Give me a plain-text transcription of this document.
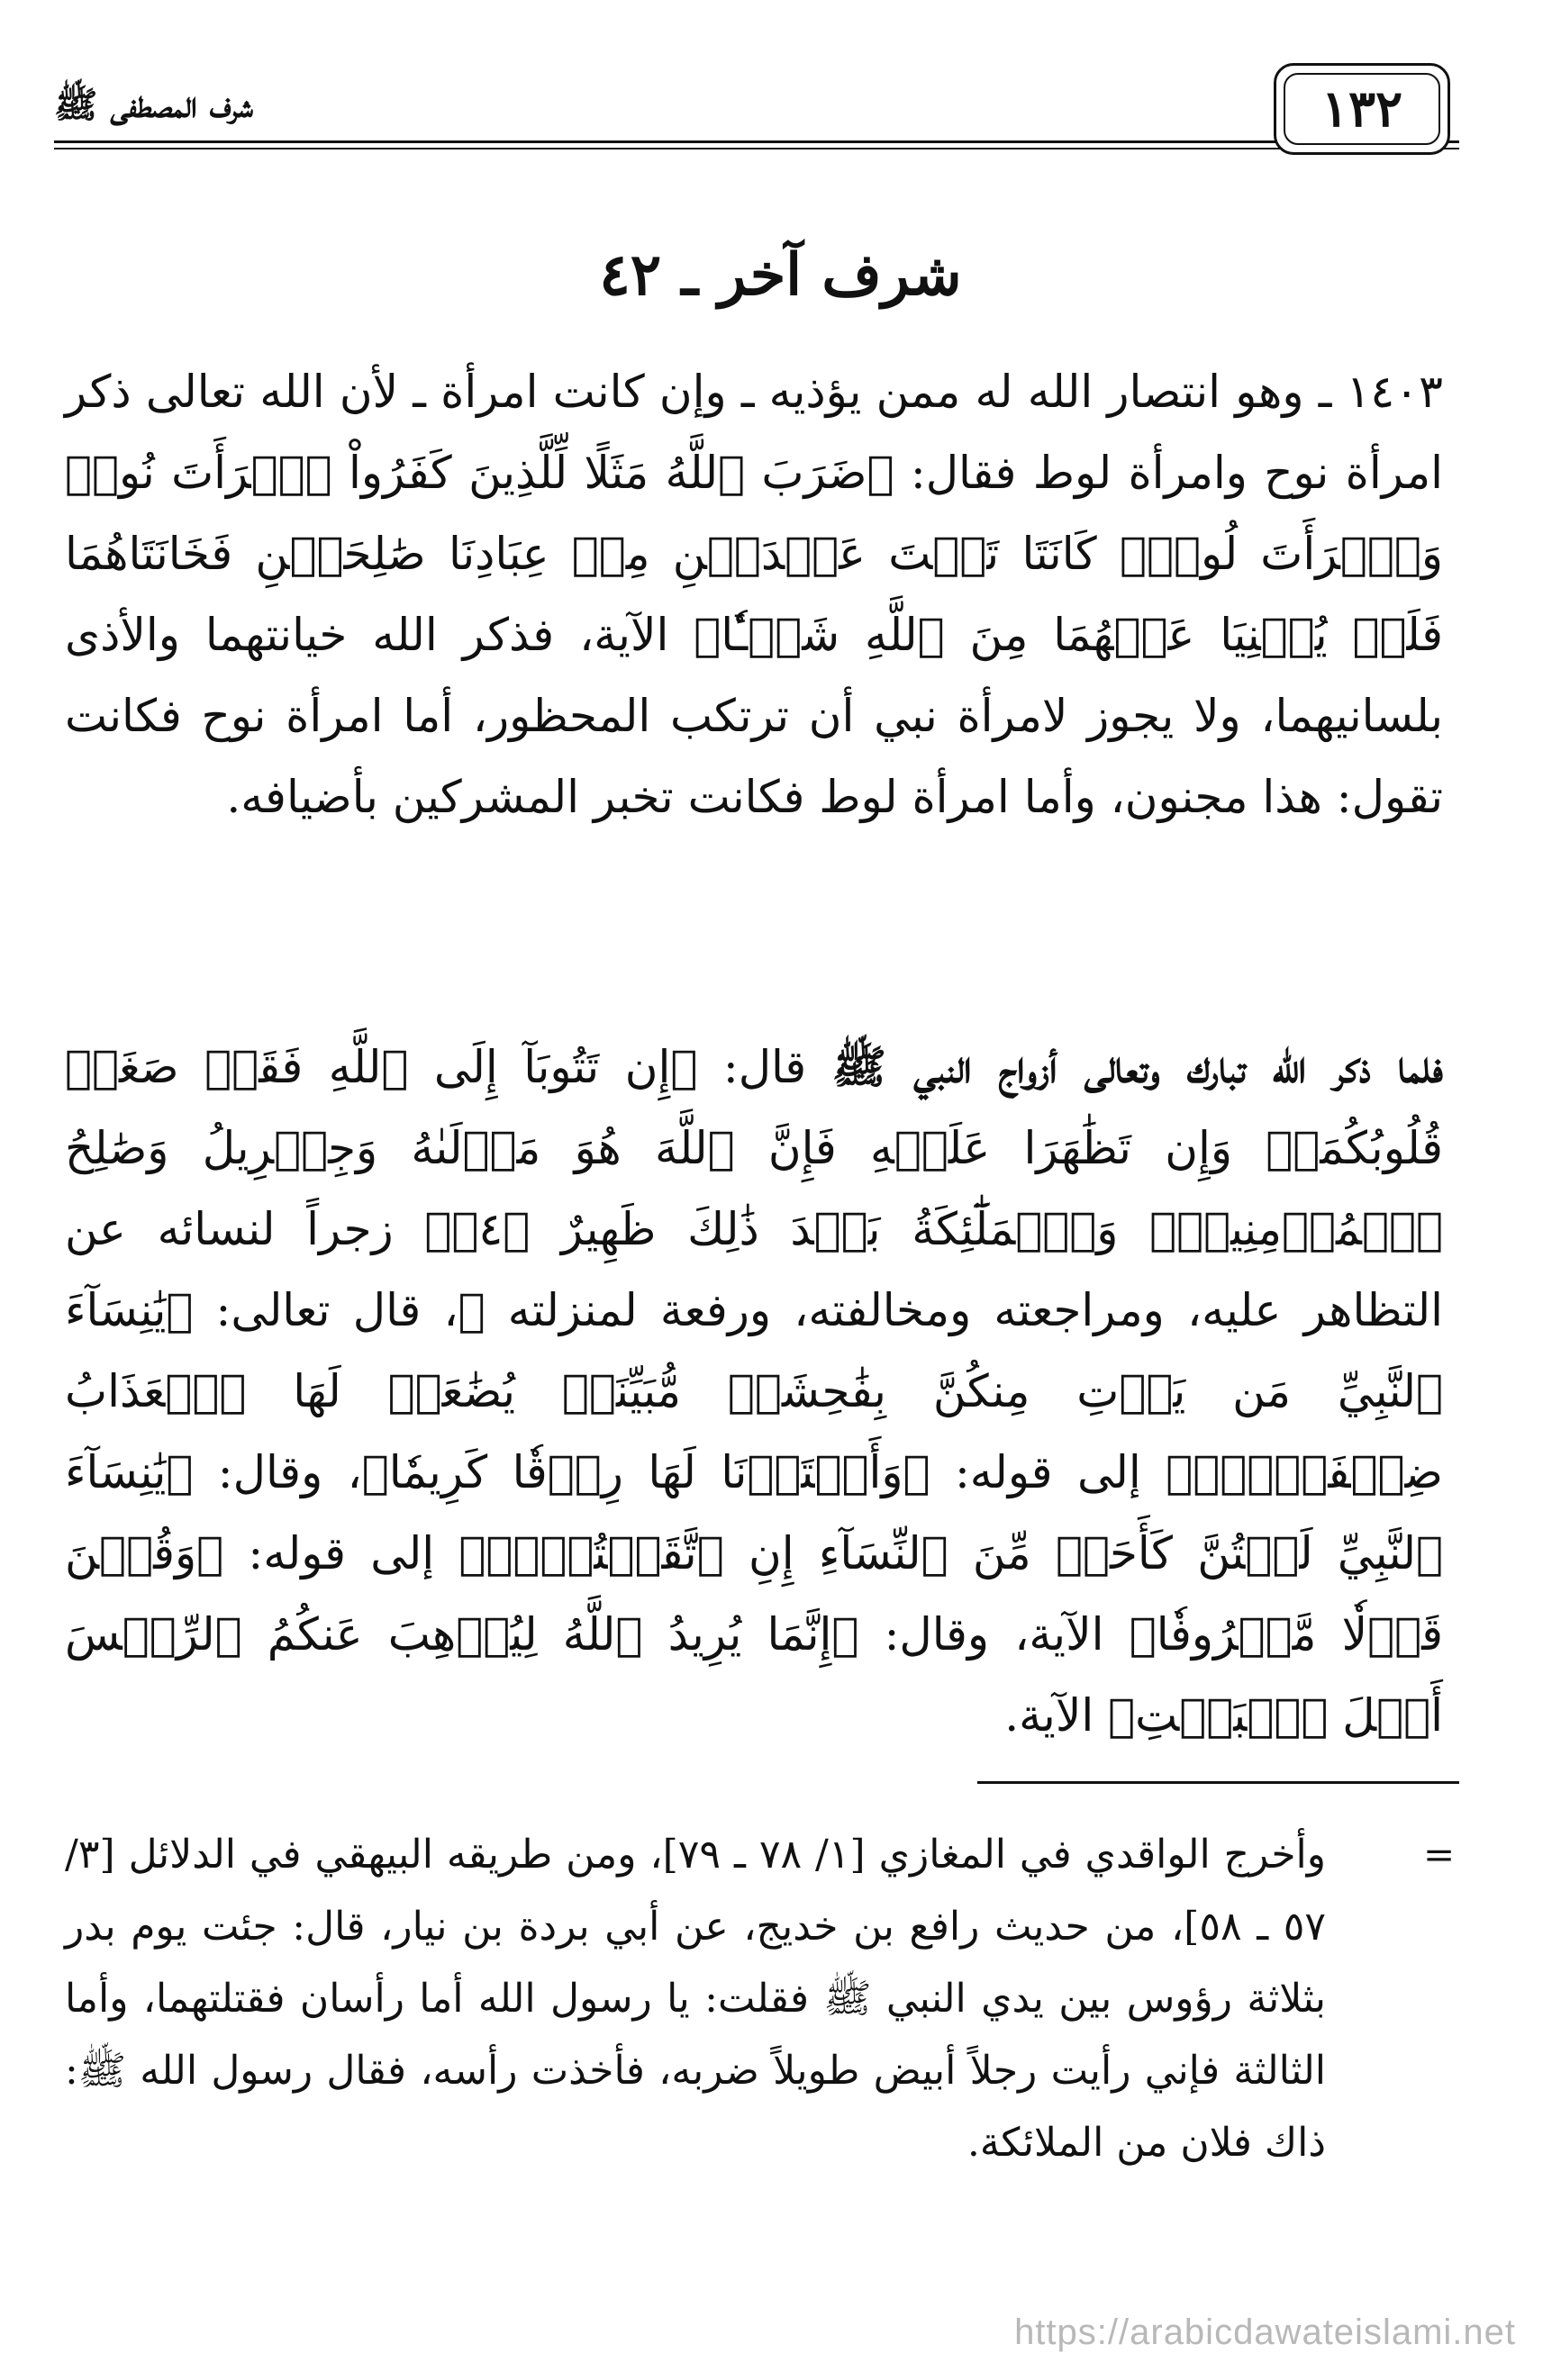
شرف المصطفى ﷺ	١٣٢
شرف آخر ـ ٤٢

١٤٠٣ ـ وهو انتصار الله له ممن يؤذيه ـ وإن كانت امرأة ـ لأن الله تعالى ذكر امرأة نوح وامرأة لوط فقال: ﴿ضَرَبَ ٱللَّهُ مَثَلًا لِّلَّذِينَ كَفَرُواْ ٱمۡرَأَتَ نُوحٖ وَٱمۡرَأَتَ لُوطٖۖ كَانَتَا تَحۡتَ عَبۡدَيۡنِ مِنۡ عِبَادِنَا صَٰلِحَيۡنِ فَخَانَتَاهُمَا فَلَمۡ يُغۡنِيَا عَنۡهُمَا مِنَ ٱللَّهِ شَيۡـٔٗا﴾ الآية، فذكر الله خيانتهما والأذى بلسانيهما، ولا يجوز لامرأة نبي أن ترتكب المحظور، أما امرأة نوح فكانت تقول: هذا مجنون، وأما امرأة لوط فكانت تخبر المشركين بأضيافه.

فلما ذكر الله تبارك وتعالى أزواج النبي ﷺ قال: ﴿إِن تَتُوبَآ إِلَى ٱللَّهِ فَقَدۡ صَغَتۡ قُلُوبُكُمَاۖ وَإِن تَظَٰهَرَا عَلَيۡهِ فَإِنَّ ٱللَّهَ هُوَ مَوۡلَىٰهُ وَجِبۡرِيلُ وَصَٰلِحُ ٱلۡمُؤۡمِنِينَۖ وَٱلۡمَلَٰٓئِكَةُ بَعۡدَ ذَٰلِكَ ظَهِيرٌ ﴿٤﴾﴾ زجراً لنسائه عن التظاهر عليه، ومراجعته ومخالفته، ورفعة لمنزلته ﷺ، قال تعالى: ﴿يَٰنِسَآءَ ٱلنَّبِيِّ مَن يَأۡتِ مِنكُنَّ بِفَٰحِشَةٖ مُّبَيِّنَةٖ يُضَٰعَفۡ لَهَا ٱلۡعَذَابُ ضِعۡفَيۡنِۚ﴾ إلى قوله: ﴿وَأَعۡتَدۡنَا لَهَا رِزۡقٗا كَرِيمٗا﴾، وقال: ﴿يَٰنِسَآءَ ٱلنَّبِيِّ لَسۡتُنَّ كَأَحَدٖ مِّنَ ٱلنِّسَآءِ إِنِ ٱتَّقَيۡتُنَّۚ﴾ إلى قوله: ﴿وَقُلۡنَ قَوۡلٗا مَّعۡرُوفٗا﴾ الآية، وقال: ﴿إِنَّمَا يُرِيدُ ٱللَّهُ لِيُذۡهِبَ عَنكُمُ ٱلرِّجۡسَ أَهۡلَ ٱلۡبَيۡتِ﴾ الآية.

=

وأخرج الواقدي في المغازي [١/ ٧٨ ـ ٧٩]، ومن طريقه البيهقي في الدلائل [٣/ ٥٧ ـ ٥٨]، من حديث رافع بن خديج، عن أبي بردة بن نيار، قال: جئت يوم بدر بثلاثة رؤوس بين يدي النبي ﷺ فقلت: يا رسول الله أما رأسان فقتلتهما، وأما الثالثة فإني رأيت رجلاً أبيض طويلاً ضربه، فأخذت رأسه، فقال رسول الله ﷺ: ذاك فلان من الملائكة.

https://arabicdawateislami.net
